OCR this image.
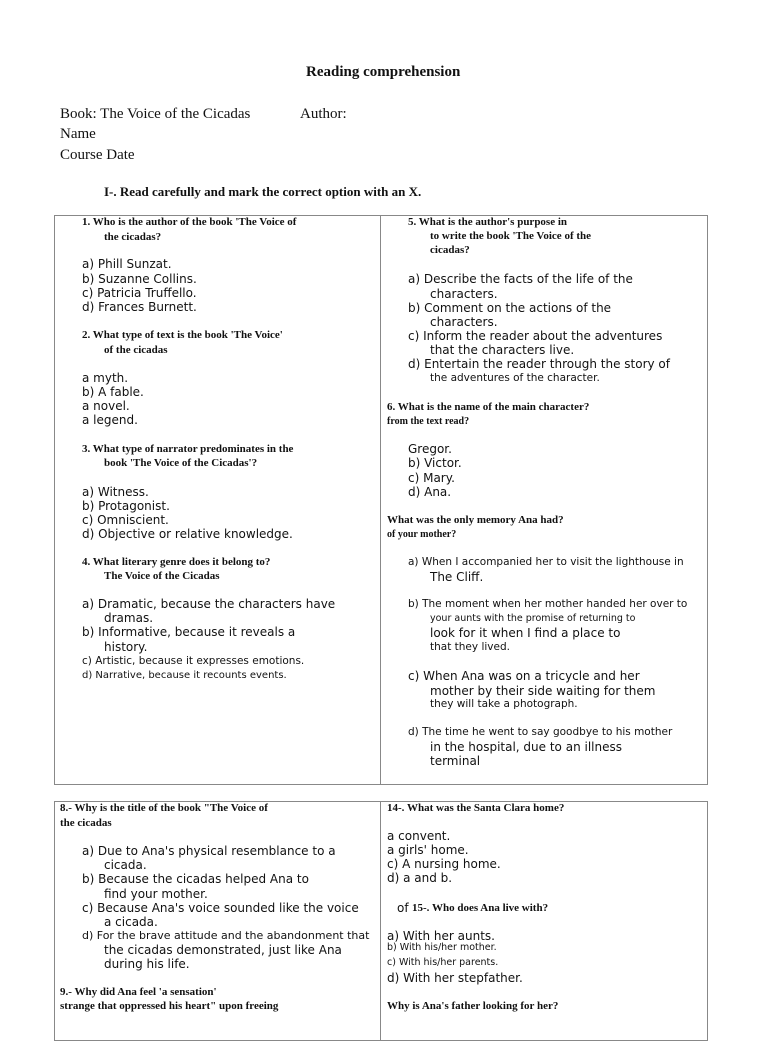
Reading comprehension
Book: The Voice of the Cicadas	Author:
Name
Course Date
I-. Read carefully and mark the correct option with an X.
1. Who is the author of the book 'The Voice of
the cicadas?
a) Phill Sunzat.
b) Suzanne Collins.
c) Patricia Truffello.
d) Frances Burnett.
2. What type of text is the book 'The Voice'
of the cicadas
a myth.
b) A fable.
a novel.
a legend.
3. What type of narrator predominates in the
book 'The Voice of the Cicadas'?
a) Witness.
b) Protagonist.
c) Omniscient.
d) Objective or relative knowledge.
4. What literary genre does it belong to?
The Voice of the Cicadas
a) Dramatic, because the characters have
dramas.
b) Informative, because it reveals a
history.
c) Artistic, because it expresses emotions.
d) Narrative, because it recounts events.
5. What is the author's purpose in
to write the book 'The Voice of the
cicadas?
a) Describe the facts of the life of the
characters.
b) Comment on the actions of the
characters.
c) Inform the reader about the adventures
that the characters live.
d) Entertain the reader through the story of
the adventures of the character.
6. What is the name of the main character?
from the text read?
Gregor.
b) Victor.
c) Mary.
d) Ana.
What was the only memory Ana had?
of your mother?
a) When I accompanied her to visit the lighthouse in
The Cliff.
b) The moment when her mother handed her over to
your aunts with the promise of returning to
look for it when I find a place to
that they lived.
c) When Ana was on a tricycle and her
mother by their side waiting for them
they will take a photograph.
d) The time he went to say goodbye to his mother
in the hospital, due to an illness
terminal
8.- Why is the title of the book "The Voice of
the cicadas
a) Due to Ana's physical resemblance to a
cicada.
b) Because the cicadas helped Ana to
find your mother.
c) Because Ana's voice sounded like the voice
a cicada.
d) For the brave attitude and the abandonment that
the cicadas demonstrated, just like Ana
during his life.
9.- Why did Ana feel 'a sensation'
strange that oppressed his heart" upon freeing
14-. What was the Santa Clara home?
a convent.
a girls' home.
c) A nursing home.
d) a and b.
of 15-. Who does Ana live with?
a) With her aunts.
b) With his/her mother.
c) With his/her parents.
d) With her stepfather.
Why is Ana's father looking for her?
